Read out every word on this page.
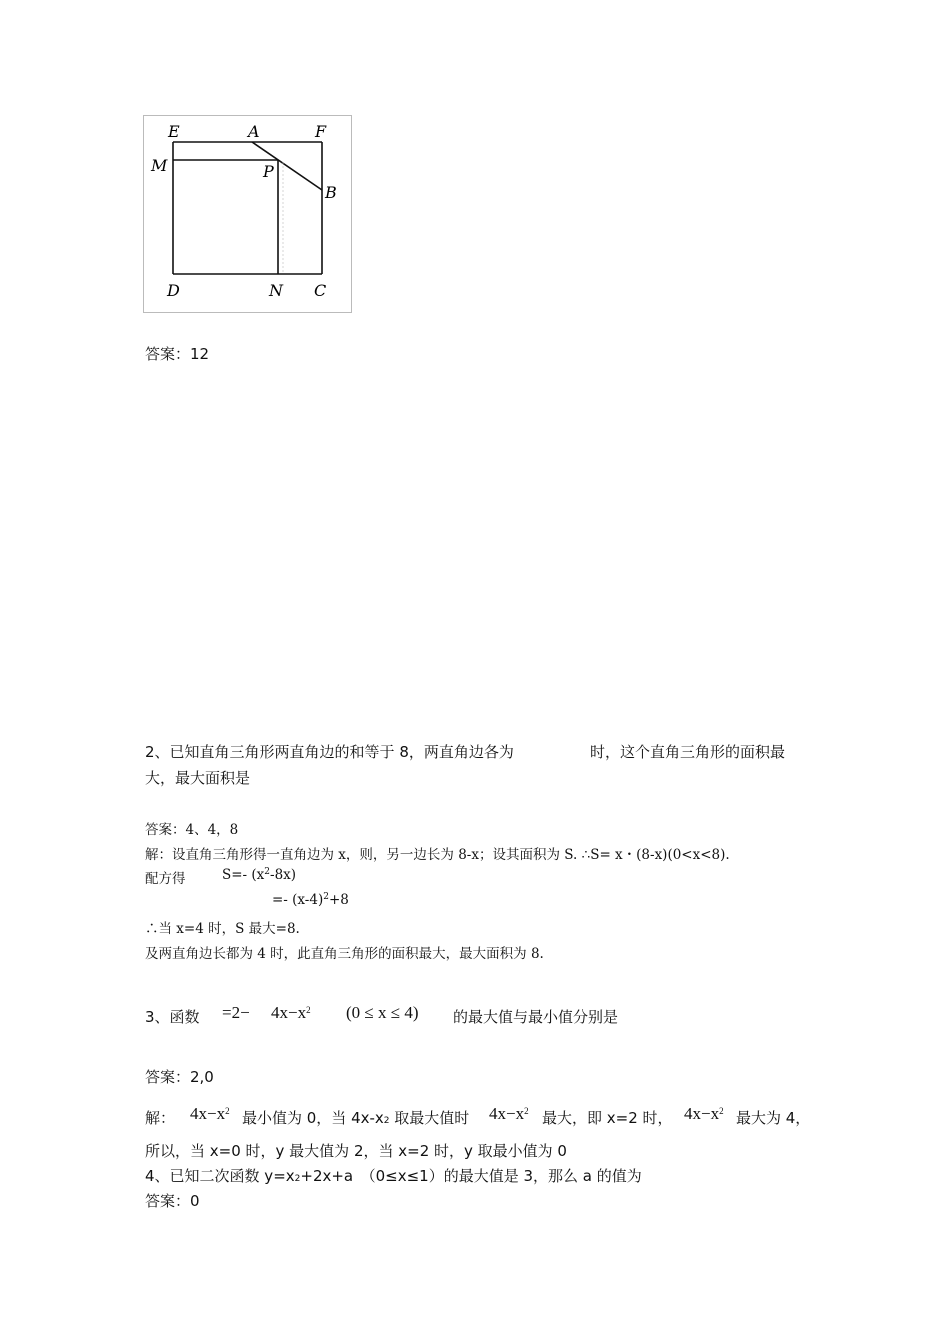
E	A	F
M	P
B
D	N C
答案：12
2、已知直角三角形两直角边的和等于 8，两直角边各为	时，这个直角三角形的面积最
大，最大面积是
答案：4、4，8
解：设直角三角形得一直角边为 x，则，另一边长为 8-x；设其面积为 S. ∴S= x・(8-x)(0<x<8).
配方得	S=- $(x^2-8x)$
=- $(x-4)^2+8$
∴当 x=4 时，S 最大=8.
及两直角边长都为 4 时，此直角三角形的面积最大，最大面积为 8.
3、函数 $=2- 4x-x^2$ (0 ≤ x ≤ 4) 的最大值与最小值分别是
答案：2,0
解： $4x-x^2$ 最小值为 0，当 4x-x2 取最大值时 $4x-x^2$ 最大，即 x=2 时， $4x-x^2$ 最大为 4，
所以，当 x=0 时，y 最大值为 2，当 x=2 时，y 取最小值为 0
4、已知二次函数 y=x2+2x+a　（0≤x≤1）的最大值是 3，那么 a 的值为
答案：0
